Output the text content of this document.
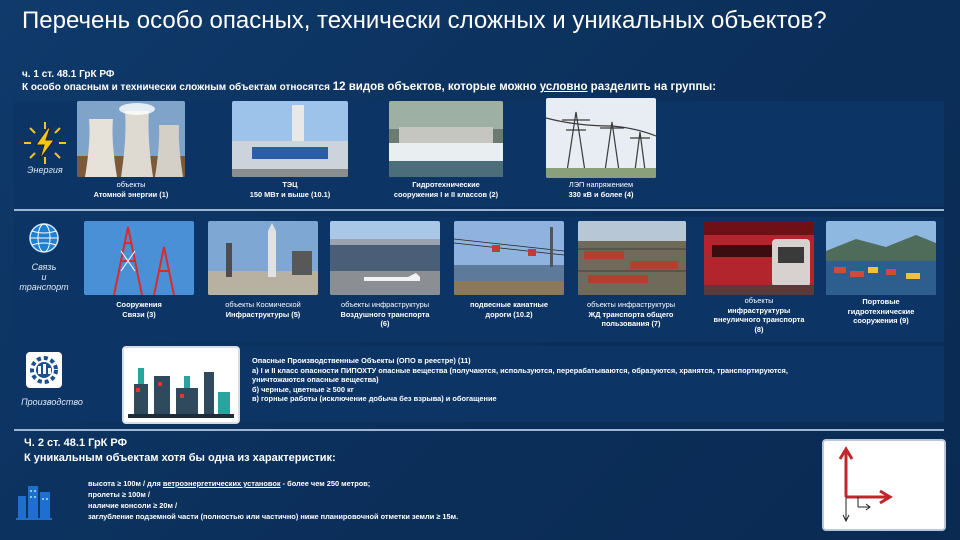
Перечень особо опасных, технически сложных и уникальных объектов?
ч. 1 ст. 48.1 ГрК РФ
К особо опасным и технически сложным объектам относятся 12 видов объектов, которые можно условно разделить на группы:
Энергия
объекты
Атомной энергии (1)
ТЭЦ
150 МВт и выше (10.1)
Гидротехнические
сооружения I и II классов (2)
ЛЭП напряжением
330 кВ и более (4)
Связь
и
транспорт
Сооружения
Связи (3)
объекты Космической
Инфраструктуры (5)
объекты инфраструктуры
Воздушного транспорта
(6)
подвесные канатные
дороги (10.2)
объекты инфраструктуры
ЖД транспорта общего
пользования (7)
объекты
инфраструктуры
внеуличного транспорта
(8)
Портовые
гидротехнические
сооружения (9)
Производство
Опасные Производственные Объекты (ОПО в реестре) (11)
а) I и II класс опасности ПИПОХТУ опасные вещества (получаются, используются, перерабатываются, образуются, хранятся, транспортируются,
уничтожаются опасные вещества)
б) черные, цветные ≥ 500 кг
в) горные работы (исключение добыча без взрыва) и обогащение
Ч. 2 ст. 48.1 ГрК РФ
К уникальным объектам хотя бы одна из характеристик:
высота ≥ 100м / для ветроэнергетических установок - более чем 250 метров;
пролеты ≥ 100м /
наличие консоли ≥ 20м /
заглубление подземной части (полностью или частично) ниже планировочной отметки земли ≥ 15м.
